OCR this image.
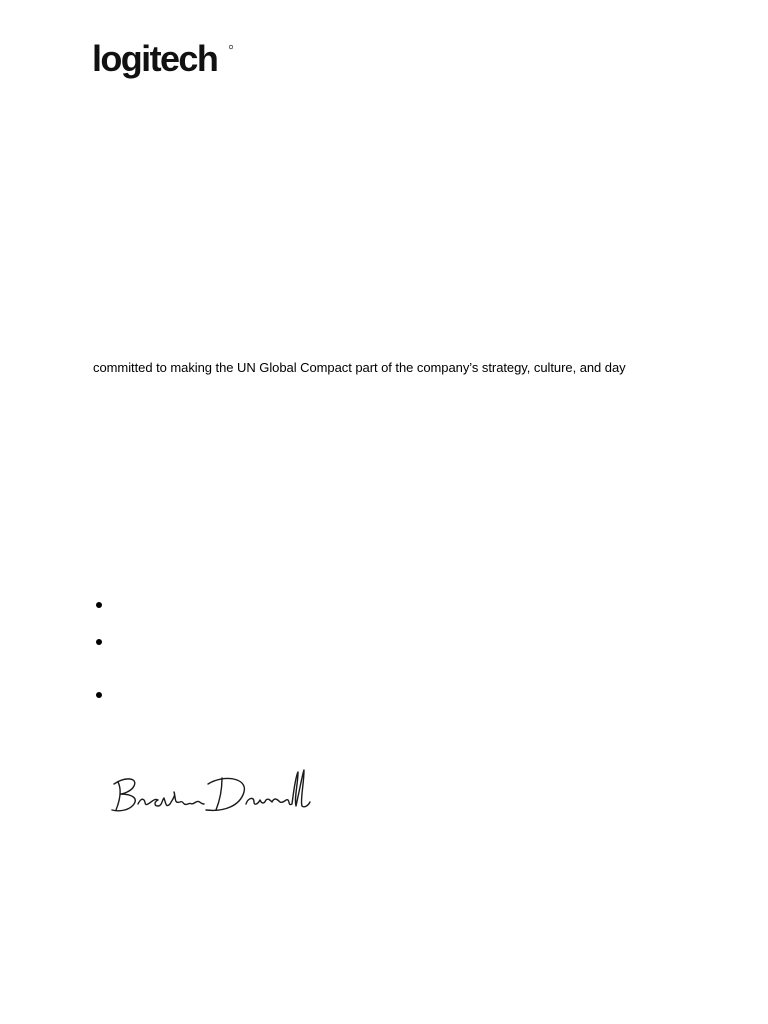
logitech
committed to making the UN Global Compact part of the company’s strategy, culture, and day
